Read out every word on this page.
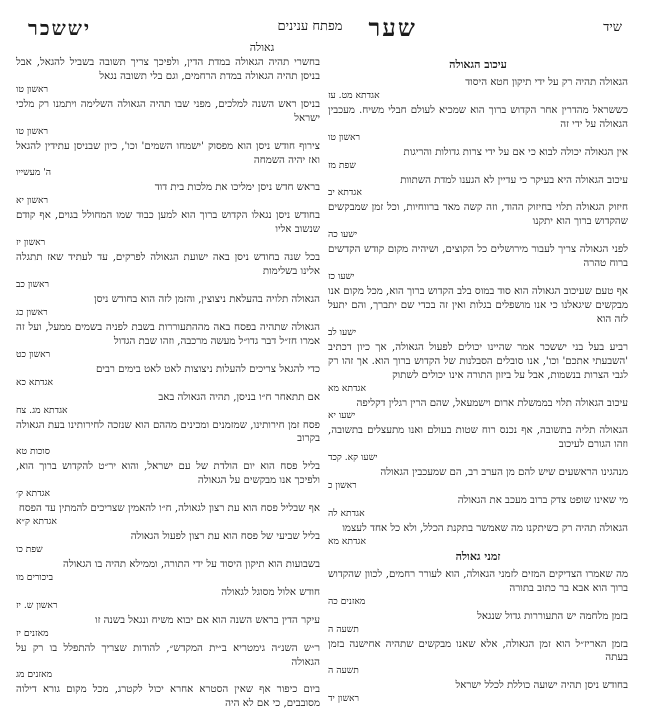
שיד
שער
מפתח ענינים
יששכר
גאולה

עיכוב הגאולה

הגאולה תהיה רק על ידי תיקון חטא היסוד
אגדתא מט. עז

כששראל מהדרין אחר הקדוש ברוך הוא שמכיא לעולם חבלי משיח. מעכבין הגאולה על ידי זה
ראשון טו

אין הגאולה יכולה לבוא כי אם על ידי צרות גדולות והריגות
שפת מז

עיכוב הגאולה היא בעיקר כי עדיין לא הגענו למדת השתוות
אגדתא יב

חיזוק הגאולה תלוי בחיזוק ההוד, וזה קשה מאד ברווחיות, וכל זמן שמבקשים שהקדוש ברוך הוא יתקנו
ישעו כה

לפני הגאולה צריך לעבור מירושלים כל הקוצים, ושיהיה מקום קודש הקדשים ברוח טהרה
ישעו כז

אף טעם שעיכוב הגאולה הוא סוד במוס בלב הקדוש ברוך הוא, מכל מקום אנו מבקשים שיגאלנו כי אנו מושפלים בגלות ואין זה בכדי שם יתברך, והם יתעל לזה הוא
ישעו לב

רביע בעל בני יששכר אמר שהיינו יכולים לפעול הגאולה, אך כיון דכתיב 'השבעתי אתכם' וכו', אנו סובלים הסבלנות של הקדוש ברוך הוא. אך זהו רק לגבי הצרות בנשמות, אבל על ביזון התורה אינו יכולים לשתוק
אגדתא מא

עיכוב הגאולה תלוי בממשלת ארום וישמעאל, שהם הרין רגלין דקליפה
ישעו יא

הגאולה תליה בתשובה, אף נכנס רוח שטות בעולם ואנו מתעצלים בתשובה, וזהו הגורם לעיכוב
ישעו קא. קכד

מנהגינו הראשעים שיש להם מן הערב רב, הם שמעכבין הגאולה
ראשון כ

מי שאינו שופט צדק ברוב מעכב את הגאולה
אגדתא לה

הגאולה תהיה רק כשיתקנו מה שאמשר בתקנת הכלל, ולא כל אחד לעצמו
אגדתא מא

זמני גאולה

מה שאמרו הצדיקים המזים לזמני הגאולה, הוא לעורר רחמים, לכוון שהקדוש ברוך הוא אבא בר כתוב בתורה
מאזנים כה

בזמן מלחמה יש התעוררות גדול שנגאל
תשעה ה

בזמן האריז״ל הוא זמן הגאולה, אלא שאנו מבקשים שתהיה אחישנה בזמן בעתה
תשעה ה

בחודש ניסן תהיה ישועה כוללת לכלל ישראל
ראשון יד

בחשרי תהיה הגאולה במדת הדין, ולפיכך צריך תשובה בשביל להגאל, אבל בניסן תהיה הגאולה במדת הרחמים, וגם בלי תשובה נגאל
ראשון טו

בניסן ראש השנה למלכים, מפני שבו תהיה הגאולה השלימה ויתמנו רק מלכי ישראל
ראשון טו

צירוף חודש ניסן הוא מפסוק 'ישמחו השמים' וכו', כיון שבניסן עתידין להגאל ואז יהיה השמחה
ה' מעשייו

בראש חדש ניסן ימליכו את מלכות בית דוד
ראשון יא

בחודש ניסן נגאלו הקדוש ברוך הוא למען כבוד שמו המחולל בגוים, אף קודם שנשוב אליו
ראשון יז

בכל שנה בחודש ניסן באה ישועת הגאולה לפרקים, עד לעתיד שאז תתגלה אלינו בשלימות
ראשון כב

הגאולה תלויה בהעלאת ניצוצין, והזמן לזה הוא בחודש ניסן
ראשון כג

הגאולה שתהיה בפסח באה מההתעוררות בשבת לפניה בשמים ממעל, ועל זה אמרו חז״ל דבר גדו״ל מעשה מרכבה, וזהו שבת הגדול
ראשון כט

כדי להגאל צריכים להעלות ניצוצות לאט לאט בימים רבים
אגדתא כא

אם תתאחר ח״ו בניסן, תהיה הגאולה באב
אגדתא מג. צח

פסח זמן חירותינו, שמזמנים ומכינים מההם הוא שנזכה לחירותינו בעת הגאולה בקרוב
סוכות טא

בליל פסח הוא יום הולדת של עם ישראל, והוא יר״ט להקדוש ברוך הוא, ולפיכך אנו מבקשים על הגאולה
אגדתא ק׳

אף שבליל פסח הוא עת רצון לגאולה, ח״ו להאמין שצריכים להמתין עד הפסח
אגדתא ק״א

בליל שביעי של פסח הוא עת רצון לפעול הגאולה
שפת כו

בשבועות הוא תיקון היסוד על ידי התורה, וממילא תהיה בו הגאולה
ביכורים מו

חודש אלול מסוגל לגאולה
ראשון ש. יז

עיקר הדין בראש השנה הוא אם יבוא משיח ונגאל בשנה זו
מאזנים יז

ר״ש השנ״ה גימטריא ב״ית המקדש״, להודות שצריך להתפלל בו רק על הגאולה
מאזנים מג

ביום כיפור אף שאין הסטרא אחרא יכול לקטרג, מכל מקום גורא דילוה מסובבים, כי אם לא היה
